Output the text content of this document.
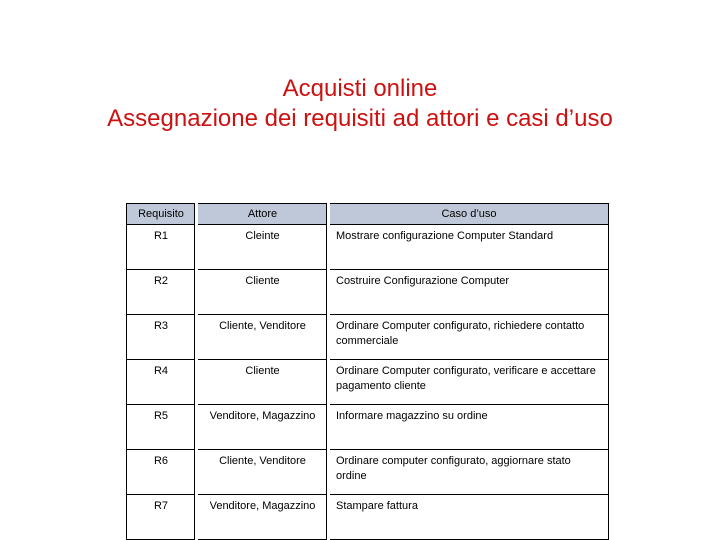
Acquisti online
Assegnazione dei requisiti ad attori e casi d’uso
Requisito	Attore	Caso d’uso
R1	Cleinte	Mostrare configurazione Computer Standard
R2	Cliente	Costruire Configurazione Computer
R3	Cliente, Venditore	Ordinare Computer configurato, richiedere contatto commerciale
R4	Cliente	Ordinare Computer configurato, verificare e accettare pagamento cliente
R5	Venditore, Magazzino	Informare magazzino su ordine
R6	Cliente, Venditore	Ordinare computer configurato, aggiornare stato ordine
R7	Venditore, Magazzino	Stampare fattura
